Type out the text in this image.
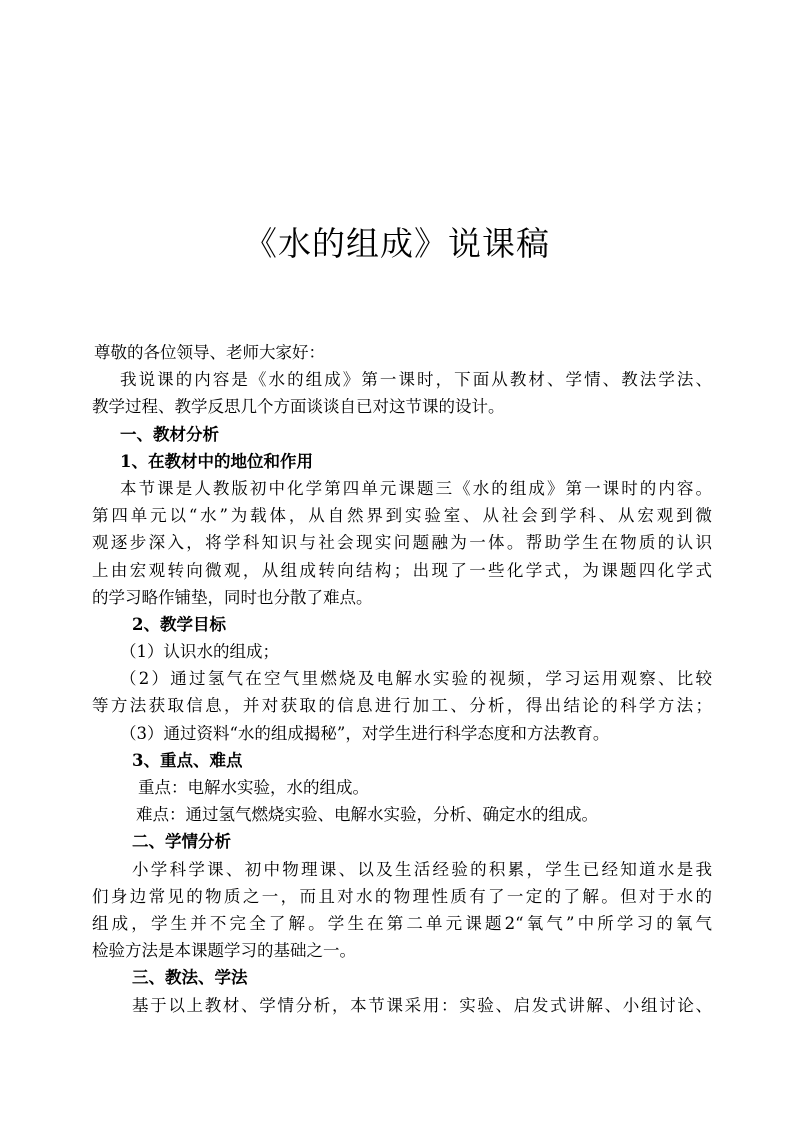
《水的组成》说课稿
尊敬的各位领导、老师大家好：
我说课的内容是《水的组成》第一课时，下面从教材、学情、教法学法、
教学过程、教学反思几个方面谈谈自已对这节课的设计。
一、教材分析
1、在教材中的地位和作用
本节课是人教版初中化学第四单元课题三《水的组成》第一课时的内容。
第四单元以“水”为载体，从自然界到实验室、从社会到学科、从宏观到微
观逐步深入，将学科知识与社会现实问题融为一体。帮助学生在物质的认识
上由宏观转向微观，从组成转向结构；出现了一些化学式，为课题四化学式
的学习略作铺垫，同时也分散了难点。
2、教学目标
（1）认识水的组成；
（2）通过氢气在空气里燃烧及电解水实验的视频，学习运用观察、比较
等方法获取信息，并对获取的信息进行加工、分析，得出结论的科学方法；
（3）通过资料“水的组成揭秘”，对学生进行科学态度和方法教育。
3、重点、难点
重点：电解水实验，水的组成。
难点：通过氢气燃烧实验、电解水实验，分析、确定水的组成。
二、学情分析
小学科学课、初中物理课、以及生活经验的积累，学生已经知道水是我
们身边常见的物质之一，而且对水的物理性质有了一定的了解。但对于水的
组成，学生并不完全了解。学生在第二单元课题2“氧气”中所学习的氧气
检验方法是本课题学习的基础之一。
三、教法、学法
基于以上教材、学情分析，本节课采用：实验、启发式讲解、小组讨论、
